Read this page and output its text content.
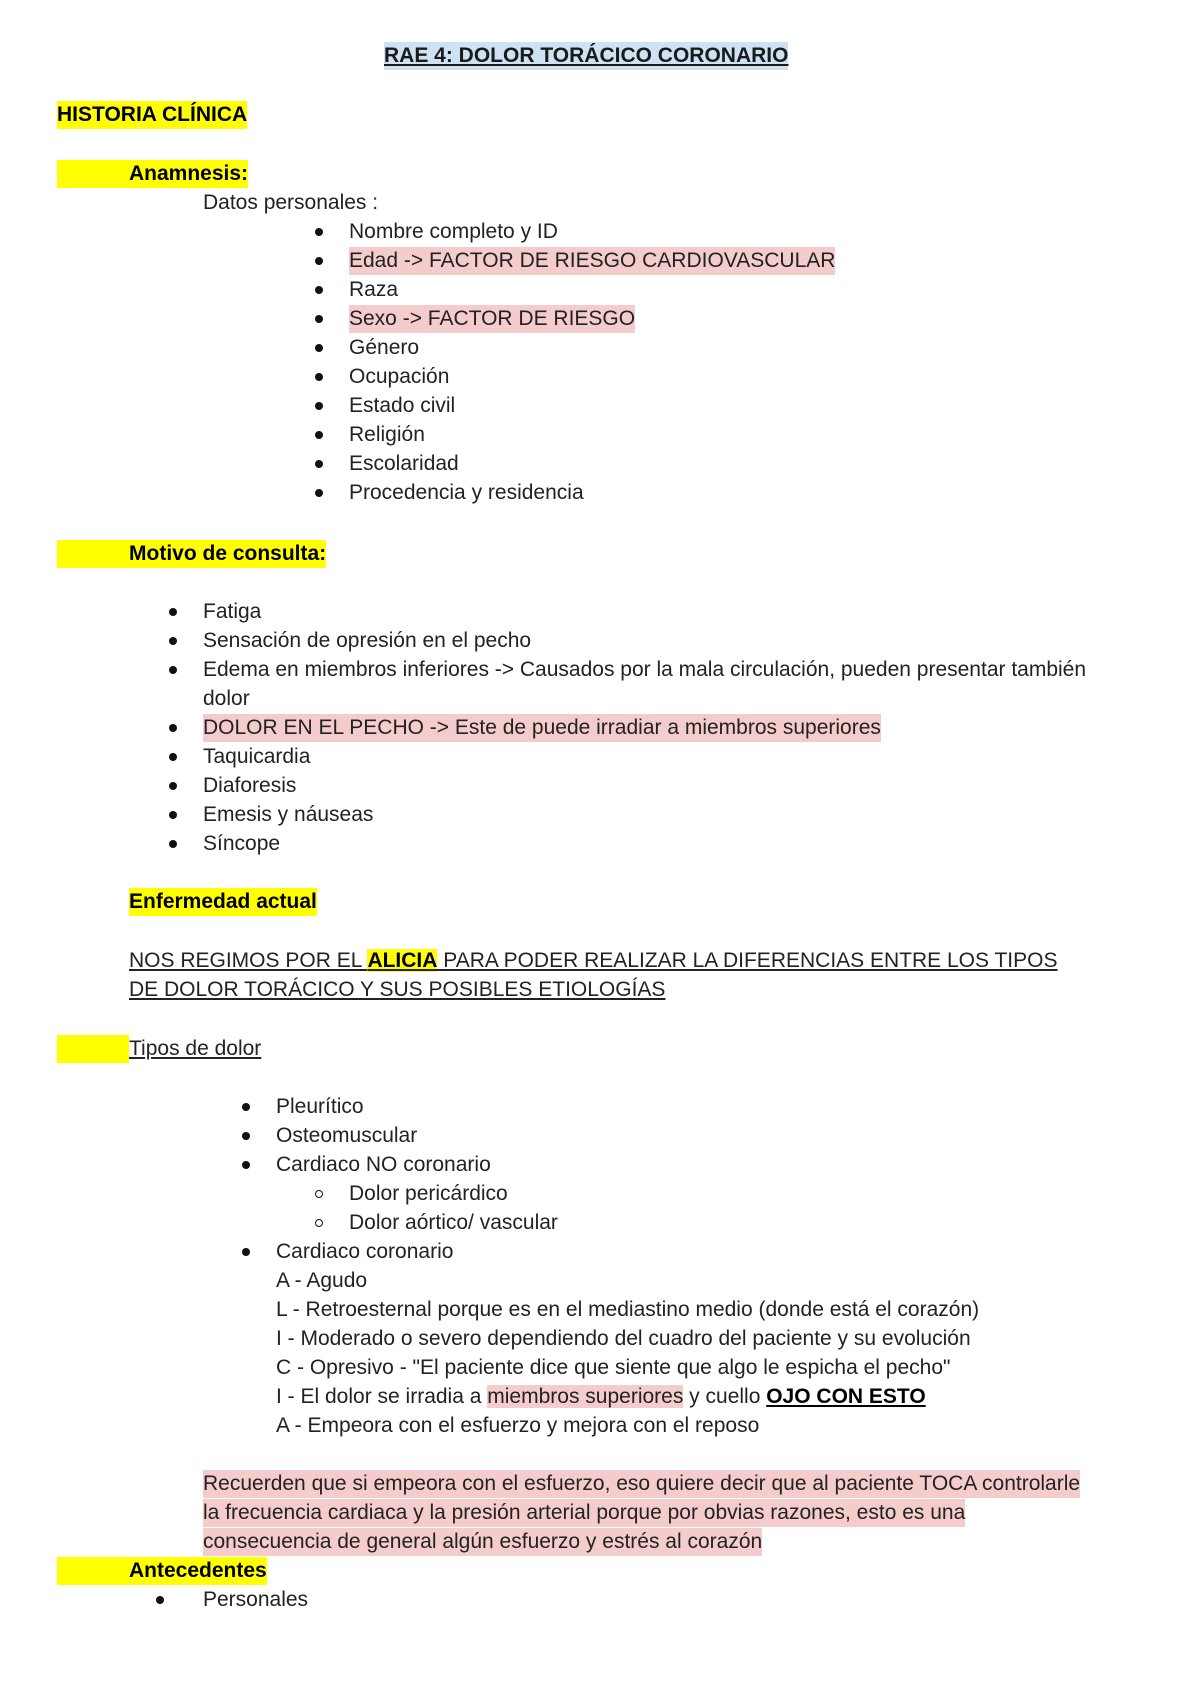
RAE 4: DOLOR TORÁCICO CORONARIO
HISTORIA CLÍNICA
Anamnesis:
Datos personales :
Nombre completo y ID
Edad -> FACTOR DE RIESGO CARDIOVASCULAR
Raza
Sexo -> FACTOR DE RIESGO
Género
Ocupación
Estado civil
Religión
Escolaridad
Procedencia y residencia
Motivo de consulta:
Fatiga
Sensación de opresión en el pecho
Edema en miembros inferiores -> Causados por la mala circulación, pueden presentar también
dolor
DOLOR EN EL PECHO -> Este de puede irradiar a miembros superiores
Taquicardia
Diaforesis
Emesis y náuseas
Síncope
Enfermedad actual
NOS REGIMOS POR EL ALICIA PARA PODER REALIZAR LA DIFERENCIAS ENTRE LOS TIPOS
DE DOLOR TORÁCICO Y SUS POSIBLES ETIOLOGÍAS
Tipos de dolor
Pleurítico
Osteomuscular
Cardiaco NO coronario
Dolor pericárdico
Dolor aórtico/ vascular
Cardiaco coronario
A - Agudo
L - Retroesternal porque es en el mediastino medio (donde está el corazón)
I - Moderado o severo dependiendo del cuadro del paciente y su evolución
C - Opresivo - "El paciente dice que siente que algo le espicha el pecho"
I - El dolor se irradia a miembros superiores y cuello OJO CON ESTO
A - Empeora con el esfuerzo y mejora con el reposo
Recuerden que si empeora con el esfuerzo, eso quiere decir que al paciente TOCA controlarle
la frecuencia cardiaca y la presión arterial porque por obvias razones, esto es una
consecuencia de general algún esfuerzo y estrés al corazón
Antecedentes
Personales
